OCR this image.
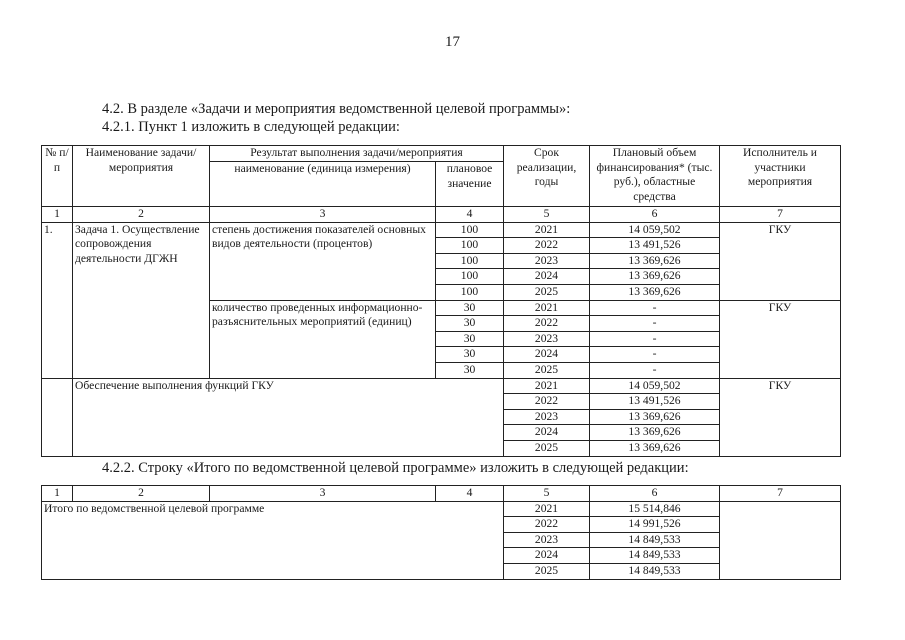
17
4.2. В разделе «Задачи и мероприятия ведомственной целевой программы»:
4.2.1. Пункт 1 изложить в следующей редакции:
№ п/п	Наименование задачи/мероприятия	Результат выполнения задачи/мероприятия		Срок реализации, годы	Плановый объем финансирования* (тыс. руб.), областные средства	Исполнитель и участники мероприятия
		наименование (единица измерения)	плановое значение			
1	2	3	4	5	6	7
1.	Задача 1. Осуществление сопровождения деятельности ДГЖН	степень достижения показателей основных видов деятельности (процентов)	100	2021	14 059,502	ГКУ
			100	2022	13 491,526	
			100	2023	13 369,626	
			100	2024	13 369,626	
			100	2025	13 369,626	
		количество проведенных информационно-разъяснительных мероприятий (единиц)	30	2021	-	ГКУ
			30	2022	-	
			30	2023	-	
			30	2024	-	
			30	2025	-	
	Обеспечение выполнения функций ГКУ			2021	14 059,502	ГКУ
				2022	13 491,526	
				2023	13 369,626	
				2024	13 369,626	
				2025	13 369,626	
4.2.2. Строку «Итого по ведомственной целевой программе» изложить в следующей редакции:
1	2	3	4	5	6	7
Итого по ведомственной целевой программе				2021	15 514,846	
				2022	14 991,526	
				2023	14 849,533	
				2024	14 849,533	
				2025	14 849,533	
